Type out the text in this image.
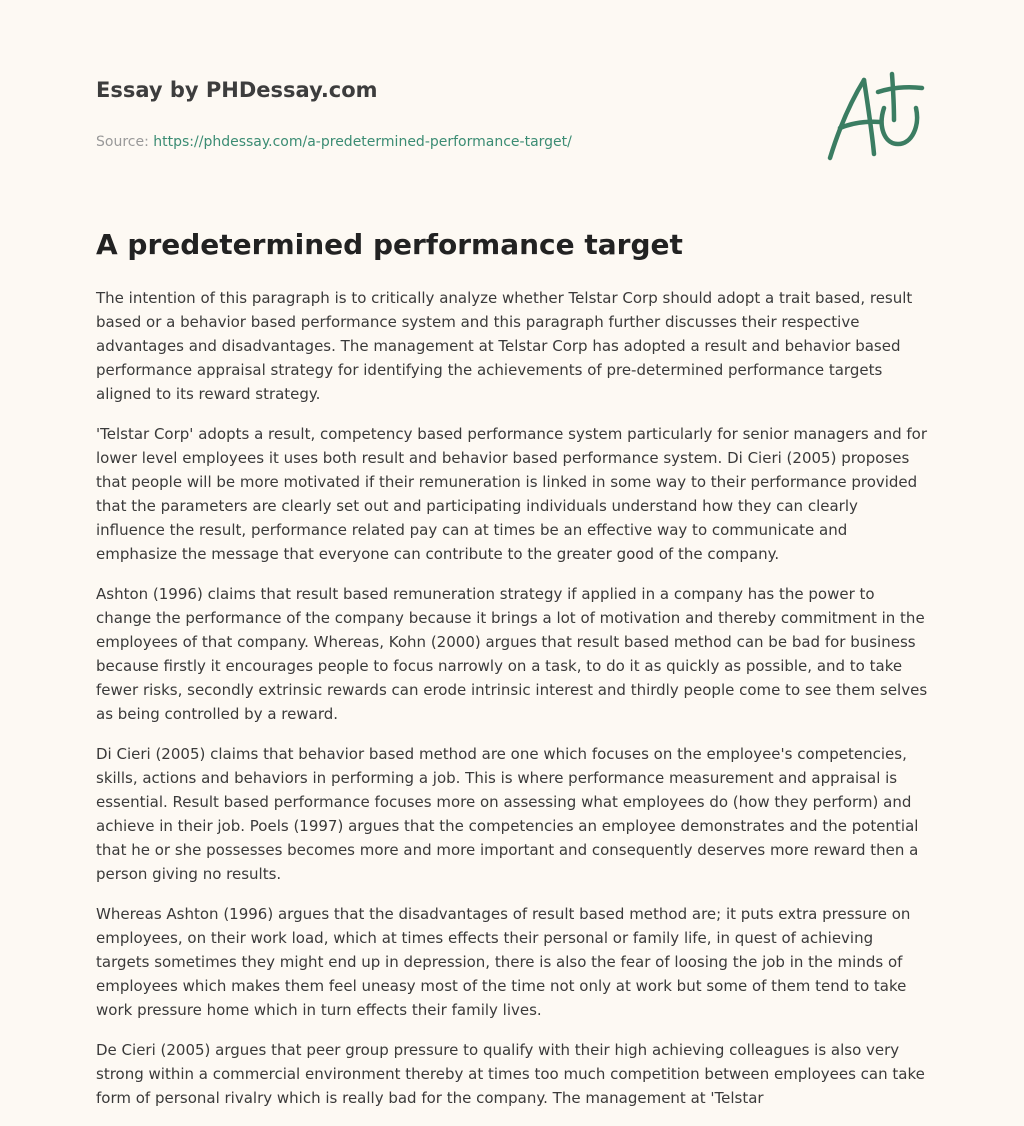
Essay by PHDessay.com
Source: https://phdessay.com/a-predetermined-performance-target/
A predetermined performance target

The intention of this paragraph is to critically analyze whether Telstar Corp should adopt a trait based, result based or a behavior based performance system and this paragraph further discusses their respective advantages and disadvantages. The management at Telstar Corp has adopted a result and behavior based performance appraisal strategy for identifying the achievements of pre-determined performance targets aligned to its reward strategy.

'Telstar Corp' adopts a result, competency based performance system particularly for senior managers and for lower level employees it uses both result and behavior based performance system. Di Cieri (2005) proposes that people will be more motivated if their remuneration is linked in some way to their performance provided that the parameters are clearly set out and participating individuals understand how they can clearly influence the result, performance related pay can at times be an effective way to communicate and emphasize the message that everyone can contribute to the greater good of the company.

Ashton (1996) claims that result based remuneration strategy if applied in a company has the power to change the performance of the company because it brings a lot of motivation and thereby commitment in the employees of that company. Whereas, Kohn (2000) argues that result based method can be bad for business because firstly it encourages people to focus narrowly on a task, to do it as quickly as possible, and to take fewer risks, secondly extrinsic rewards can erode intrinsic interest and thirdly people come to see them selves as being controlled by a reward.

Di Cieri (2005) claims that behavior based method are one which focuses on the employee's competencies, skills, actions and behaviors in performing a job. This is where performance measurement and appraisal is essential. Result based performance focuses more on assessing what employees do (how they perform) and achieve in their job. Poels (1997) argues that the competencies an employee demonstrates and the potential that he or she possesses becomes more and more important and consequently deserves more reward then a person giving no results.

Whereas Ashton (1996) argues that the disadvantages of result based method are; it puts extra pressure on employees, on their work load, which at times effects their personal or family life, in quest of achieving targets sometimes they might end up in depression, there is also the fear of loosing the job in the minds of employees which makes them feel uneasy most of the time not only at work but some of them tend to take work pressure home which in turn effects their family lives.

De Cieri (2005) argues that peer group pressure to qualify with their high achieving colleagues is also very strong within a commercial environment thereby at times too much competition between employees can take form of personal rivalry which is really bad for the company. The management at 'Telstar
